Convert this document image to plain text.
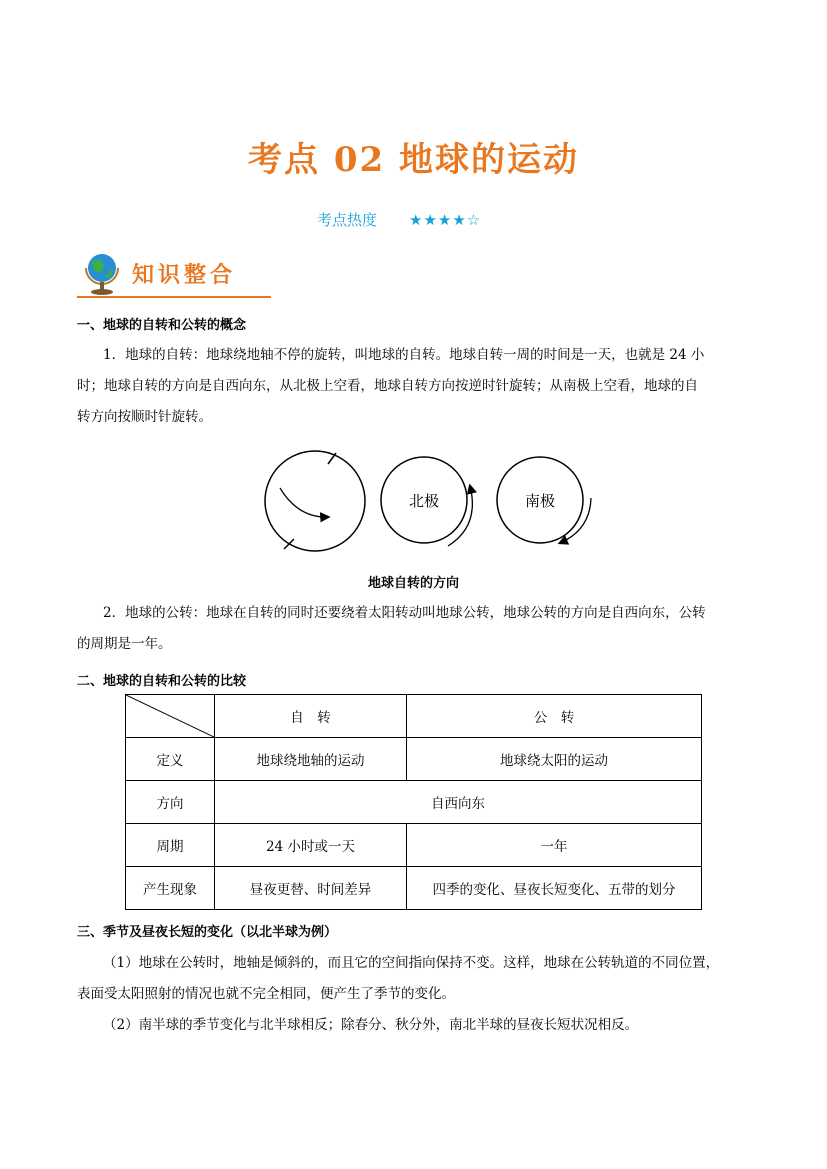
考点 02 地球的运动
考点热度 ★★★★☆
知识整合
一、地球的自转和公转的概念
1．地球的自转：地球绕地轴不停的旋转，叫地球的自转。地球自转一周的时间是一天，也就是 24 小
时；地球自转的方向是自西向东，从北极上空看，地球自转方向按逆时针旋转；从南极上空看，地球的自
转方向按顺时针旋转。
北极	南极
地球自转的方向
2．地球的公转：地球在自转的同时还要绕着太阳转动叫地球公转，地球公转的方向是自西向东，公转
的周期是一年。
二、地球的自转和公转的比较
	自　转	公　转
定义	地球绕地轴的运动	地球绕太阳的运动
方向	自西向东	
周期	24 小时或一天	一年
产生现象	昼夜更替、时间差异	四季的变化、昼夜长短变化、五带的划分
三、季节及昼夜长短的变化（以北半球为例）
（1）地球在公转时，地轴是倾斜的，而且它的空间指向保持不变。这样，地球在公转轨道的不同位置，
表面受太阳照射的情况也就不完全相同，便产生了季节的变化。
（2）南半球的季节变化与北半球相反；除春分、秋分外，南北半球的昼夜长短状况相反。
